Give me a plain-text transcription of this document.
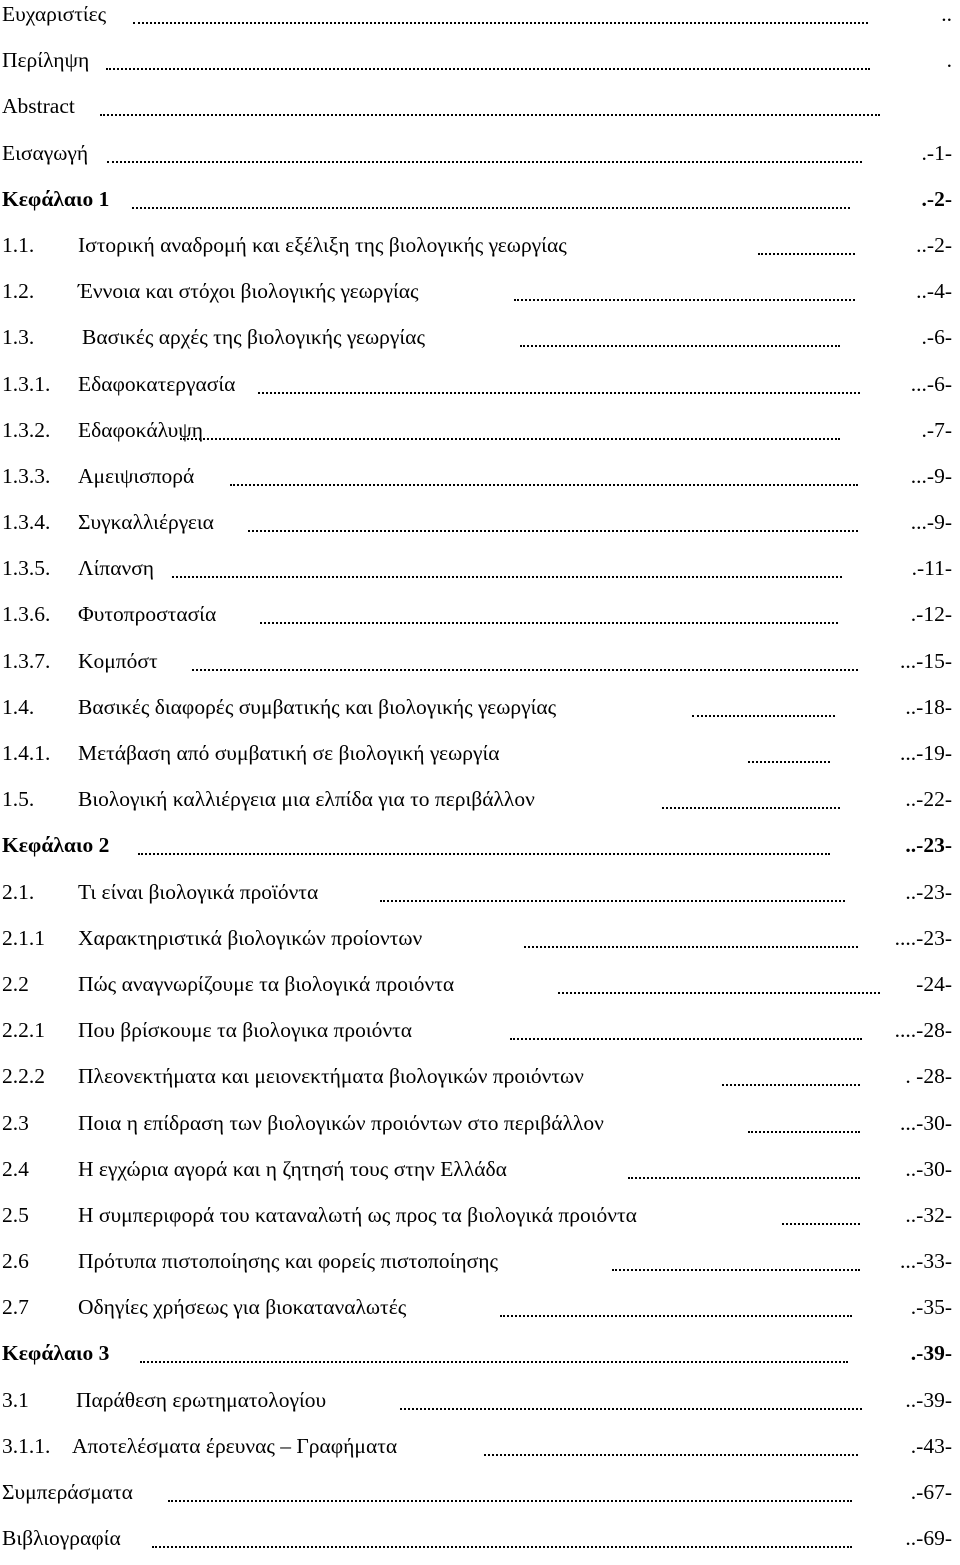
Ευχαριστίες	..
Περίληψη	.
Abstract
Εισαγωγή	.-1-
Κεφάλαιο 1	.-2-
1.1. Ιστορική αναδρομή και εξέλιξη της βιολογικής γεωργίας	..-2-
1.2. Έννοια και στόχοι βιολογικής γεωργίας	..-4-
1.3. Βασικές αρχές της βιολογικής γεωργίας	.-6-
1.3.1. Εδαφοκατεργασία	...-6-
1.3.2. Εδαφοκάλυψη	.-7-
1.3.3. Αμειψισπορά	...-9-
1.3.4. Συγκαλλιέργεια	...-9-
1.3.5. Λίπανση	.-11-
1.3.6. Φυτοπροστασία	.-12-
1.3.7. Κομπόστ	...-15-
1.4. Βασικές διαφορές συμβατικής και βιολογικής γεωργίας	..-18-
1.4.1. Μετάβαση από συμβατική σε βιολογική γεωργία	...-19-
1.5. Βιολογική καλλιέργεια μια ελπίδα για το περιβάλλον	..-22-
Κεφάλαιο 2	..-23-
2.1. Τι είναι βιολογικά προϊόντα	..-23-
2.1.1 Χαρακτηριστικά βιολογικών προίοντων	....-23-
2.2 Πώς αναγνωρίζουμε τα βιολογικά προιόντα	-24-
2.2.1 Που βρίσκουμε τα βιολογικα προιόντα	....-28-
2.2.2 Πλεονεκτήματα και μειονεκτήματα βιολογικών προιόντων	. -28-
2.3 Ποια η επίδραση των βιολογικών προιόντων στο περιβάλλον	...-30-
2.4 Η εγχώρια αγορά και η ζητησή τους στην Ελλάδα	..-30-
2.5 Η συμπεριφορά του καταναλωτή ως προς τα βιολογικά προιόντα	..-32-
2.6 Πρότυπα πιστοποίησης και φορείς πιστοποίησης	...-33-
2.7 Οδηγίες χρήσεως για βιοκαταναλωτές	.-35-
Κεφάλαιο 3	.-39-
3.1 Παράθεση ερωτηματολογίου	..-39-
3.1.1. Αποτελέσματα έρευνας – Γραφήματα	.-43-
Συμπεράσματα	.-67-
Βιβλιογραφία	..-69-
